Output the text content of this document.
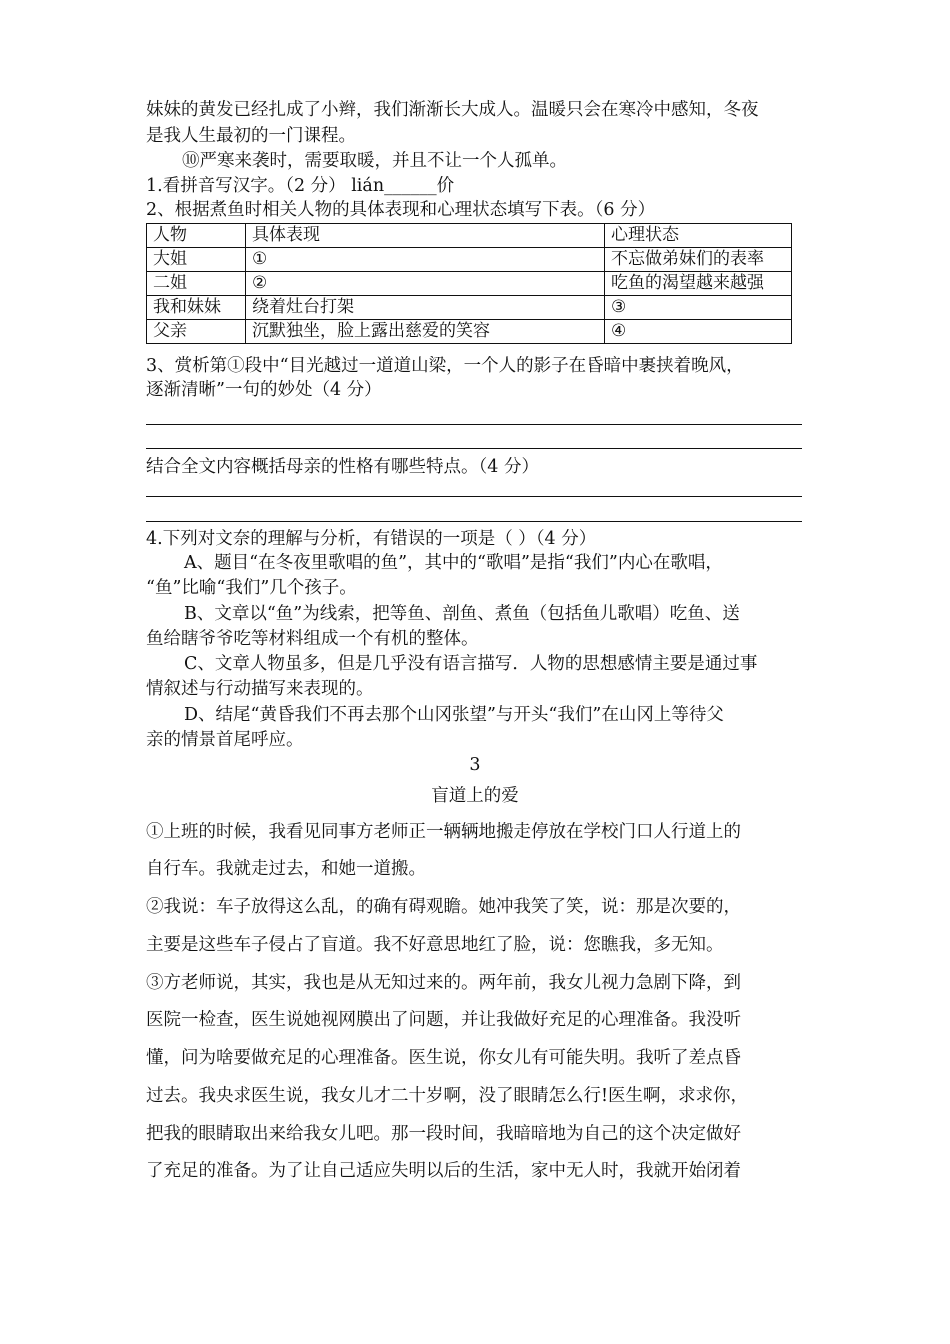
妹妹的黄发已经扎成了小辫，我们渐渐长大成人。温暖只会在寒冷中感知，冬夜
是我人生最初的一门课程。
⑩严寒来袭时，需要取暖，并且不让一个人孤单。
1.看拼音写汉字。（2 分） lián______价
2、根据煮鱼时相关人物的具体表现和心理状态填写下表。（6 分）
人物	具体表现	心理状态
大姐	①	不忘做弟妹们的表率
二姐	②	吃鱼的渴望越来越强
我和妹妹	绕着灶台打架	③
父亲	沉默独坐，脸上露出慈爱的笑容	④
3、赏析第①段中“目光越过一道道山梁，一个人的影子在昏暗中裹挟着晚风，
逐渐清晰”一句的妙处（4 分）
结合全文内容概括母亲的性格有哪些特点。（4 分）
4.下列对文奈的理解与分析，有错误的一项是（ ）（4 分）
A、题目“在冬夜里歌唱的鱼”，其中的“歌唱”是指“我们”内心在歌唱，
“鱼”比喻“我们”几个孩子。
B、文章以“鱼”为线索，把等鱼、剖鱼、煮鱼（包括鱼儿歌唱）吃鱼、送
鱼给瞎爷爷吃等材料组成一个有机的整体。
C、文章人物虽多，但是几乎没有语言描写．人物的思想感情主要是通过事
情叙述与行动描写来表现的。
D、结尾“黄昏我们不再去那个山冈张望”与开头“我们”在山冈上等待父
亲的情景首尾呼应。
3
盲道上的爱
①上班的时候，我看见同事方老师正一辆辆地搬走停放在学校门口人行道上的
自行车。我就走过去，和她一道搬。
②我说：车子放得这么乱，的确有碍观瞻。她冲我笑了笑，说：那是次要的，
主要是这些车子侵占了盲道。我不好意思地红了脸，说：您瞧我，多无知。
③方老师说，其实，我也是从无知过来的。两年前，我女儿视力急剧下降，到
医院一检查，医生说她视网膜出了问题，并让我做好充足的心理准备。我没听
懂，问为啥要做充足的心理准备。医生说，你女儿有可能失明。我听了差点昏
过去。我央求医生说，我女儿才二十岁啊，没了眼睛怎么行!医生啊，求求你，
把我的眼睛取出来给我女儿吧。那一段时间，我暗暗地为自己的这个决定做好
了充足的准备。为了让自己适应失明以后的生活，家中无人时，我就开始闭着
